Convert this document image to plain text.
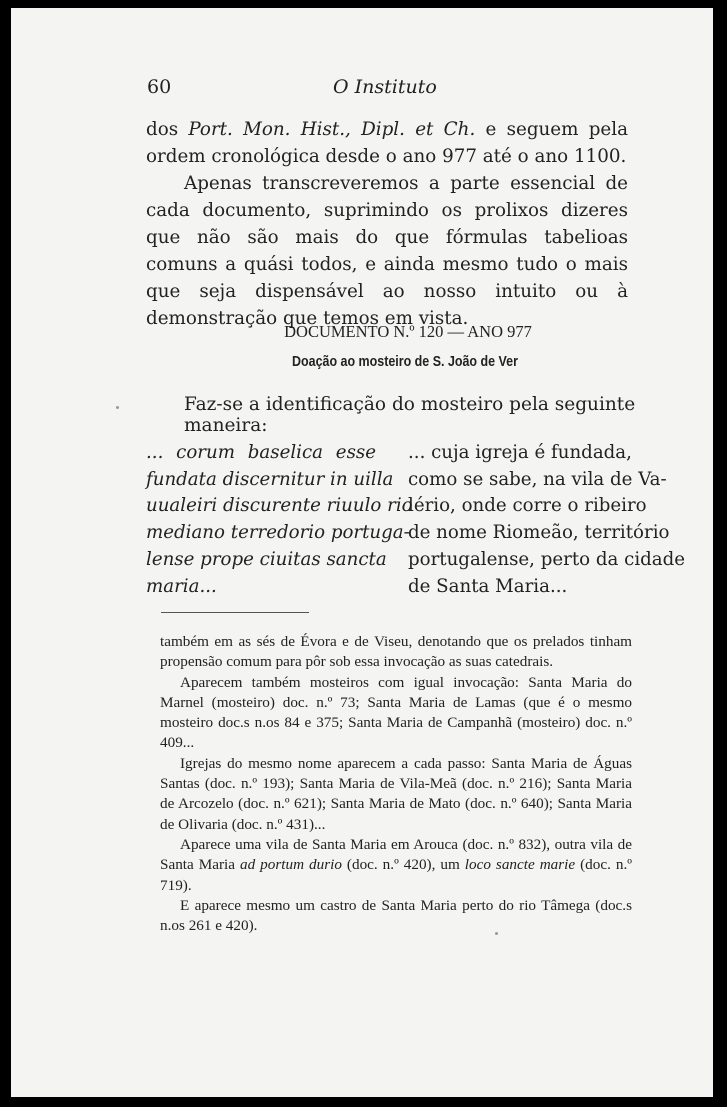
60	O Instituto

dos Port. Mon. Hist., Dipl. et Ch. e seguem pela ordem cronológica desde o ano 977 até o ano 1100.

Apenas transcreveremos a parte essencial de cada documento, suprimindo os prolixos dizeres que não são mais do que fórmulas tabelioas comuns a quási todos, e ainda mesmo tudo o mais que seja dispensável ao nosso intuito ou à demonstração que temos em vista.

DOCUMENTO N.º 120 — ANO 977
Doação ao mosteiro de S. João de Ver
Faz-se a identificação do mosteiro pela seguinte maneira:
... corum baselica esse
fundata discernitur in uilla
uualeiri discurente riuulo rio
mediano terredorio portuga-
lense prope ciuitas sancta
maria...
... cuja igreja é fundada,
como se sabe, na vila de Va-
lério, onde corre o ribeiro
de nome Riomeão, território
portugalense, perto da cidade
de Santa Maria...

também em as sés de Évora e de Viseu, denotando que os prelados tinham propensão comum para pôr sob essa invocação as suas catedrais.

Aparecem também mosteiros com igual invocação: Santa Maria do Marnel (mosteiro) doc. n.º 73; Santa Maria de Lamas (que é o mesmo mosteiro doc.s n.os 84 e 375; Santa Maria de Campanhã (mosteiro) doc. n.º 409...

Igrejas do mesmo nome aparecem a cada passo: Santa Maria de Águas Santas (doc. n.º 193); Santa Maria de Vila-Meã (doc. n.º 216); Santa Maria de Arcozelo (doc. n.º 621); Santa Maria de Mato (doc. n.º 640); Santa Maria de Olivaria (doc. n.º 431)...

Aparece uma vila de Santa Maria em Arouca (doc. n.º 832), outra vila de Santa Maria ad portum durio (doc. n.º 420), um loco sancte marie (doc. n.º 719).

E aparece mesmo um castro de Santa Maria perto do rio Tâmega (doc.s n.os 261 e 420).
